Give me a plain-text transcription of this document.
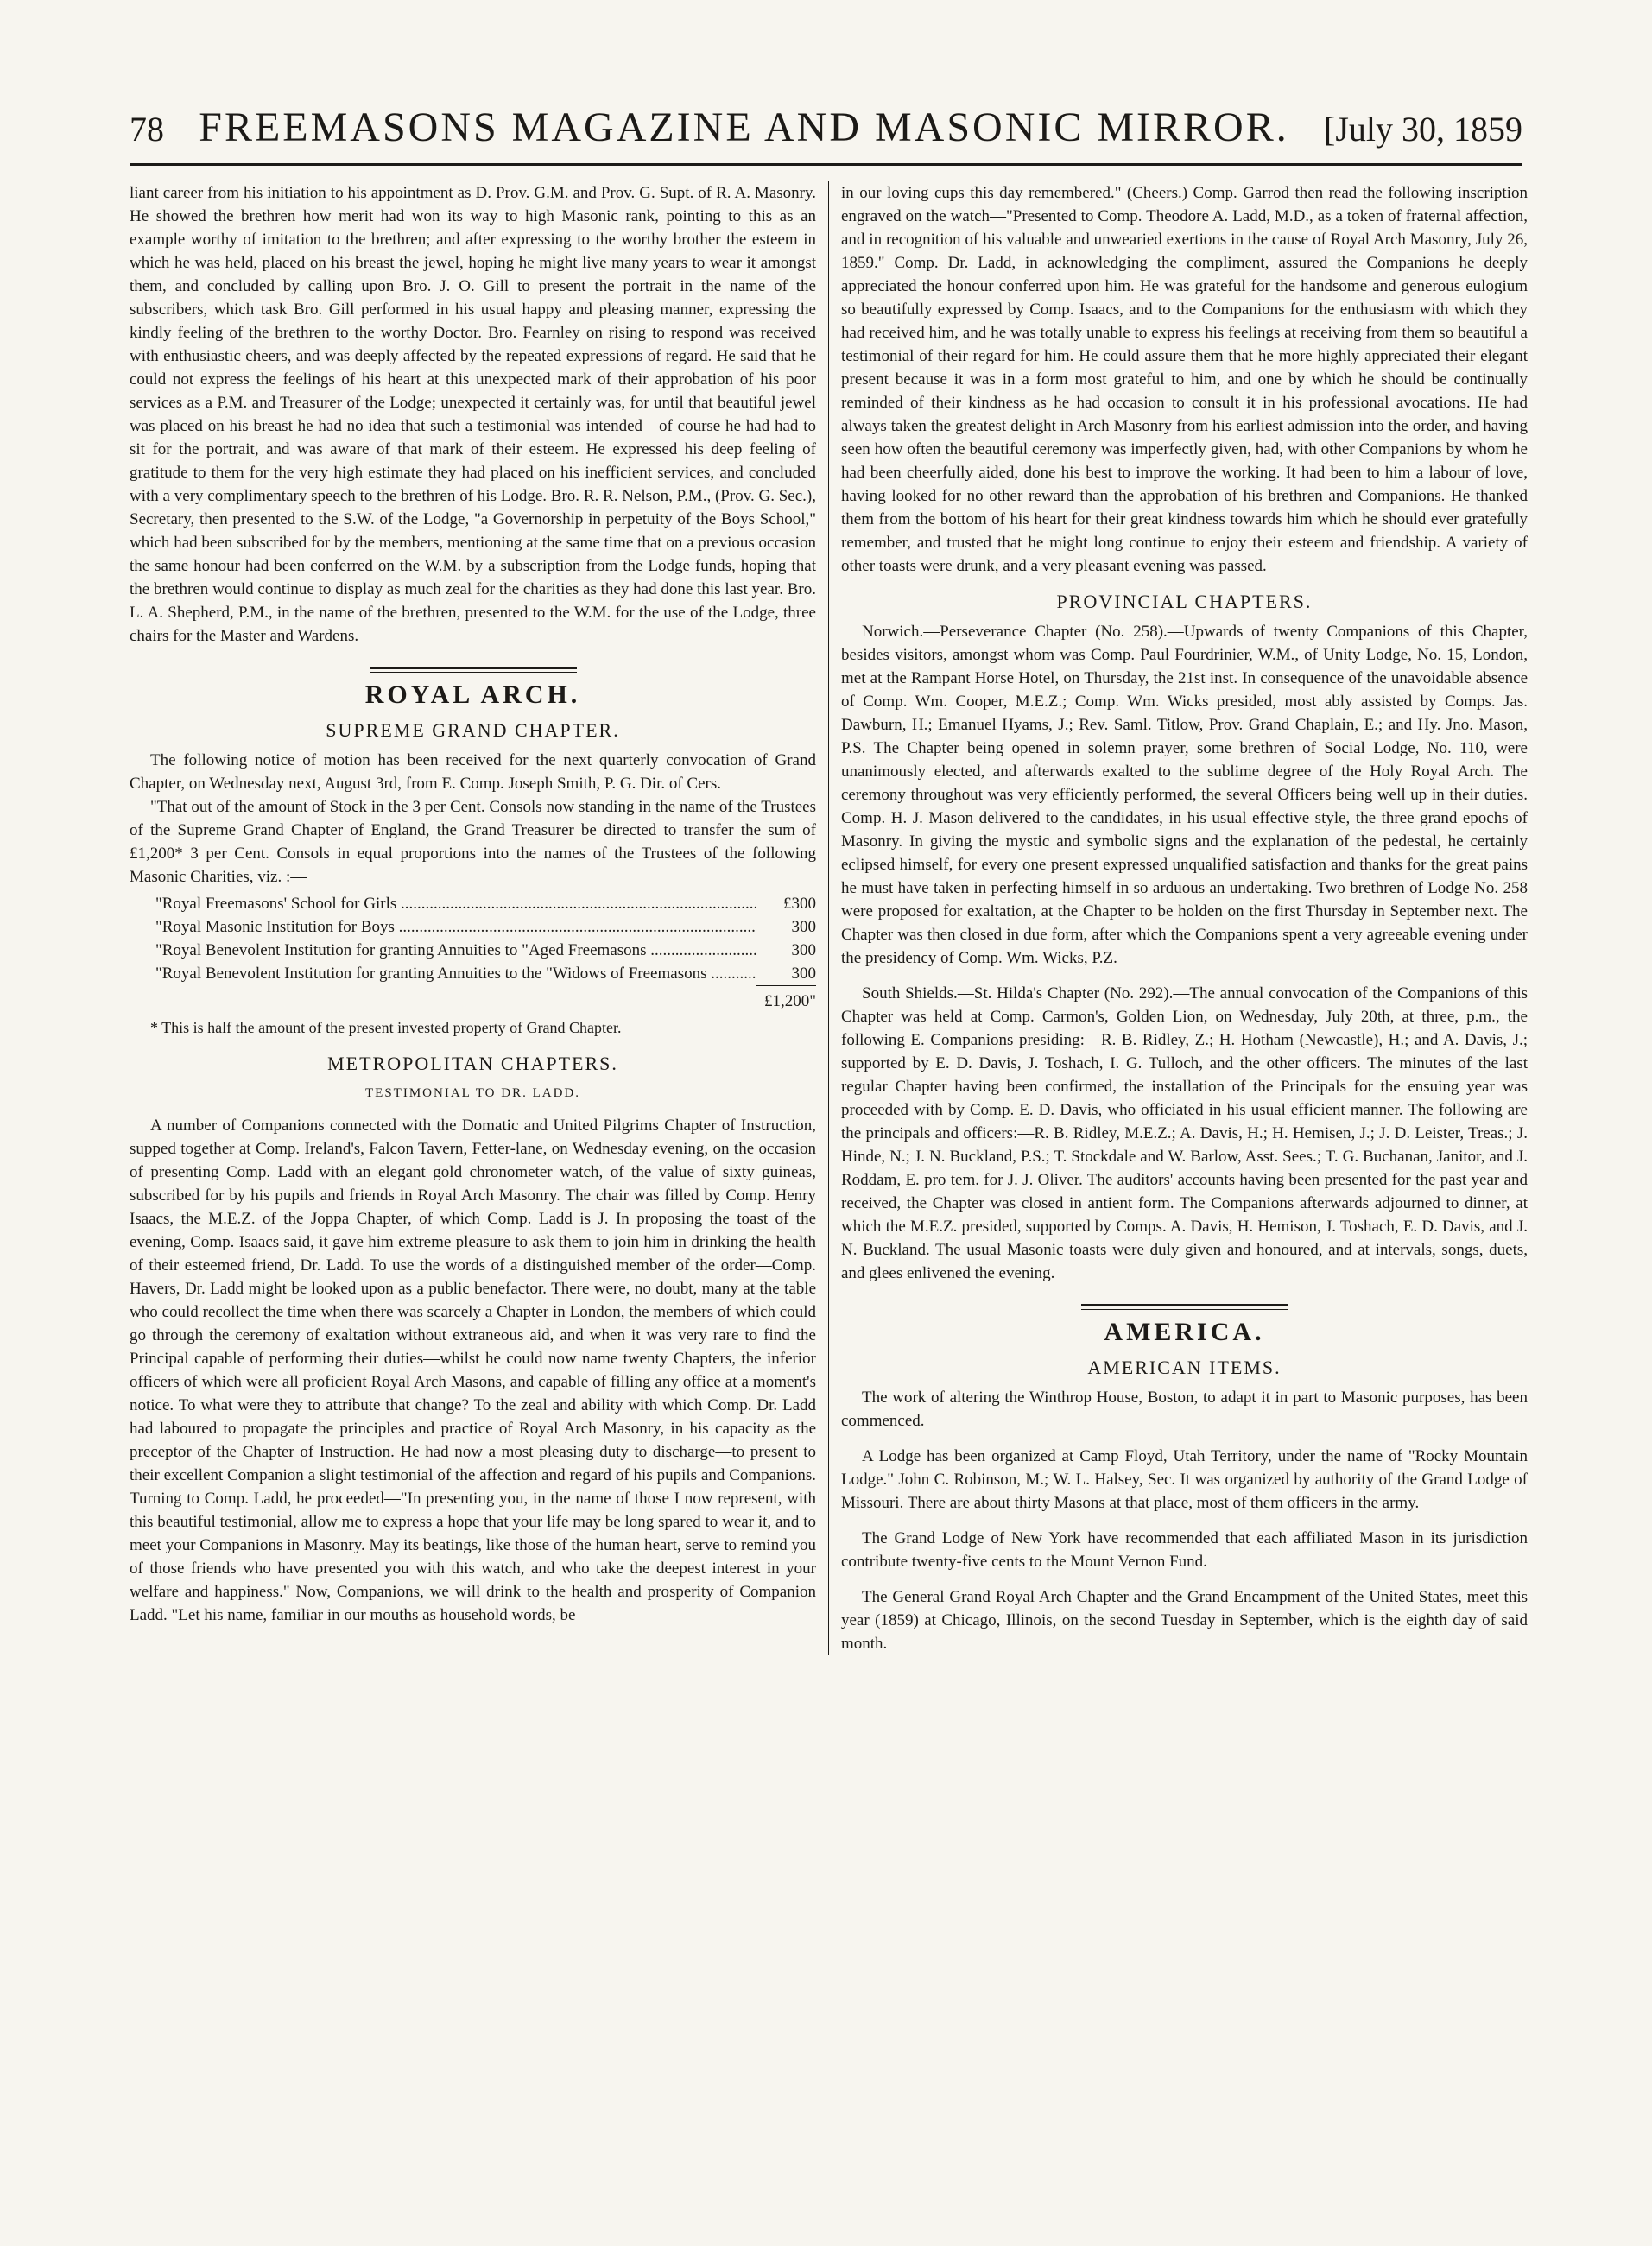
78 FREEMASONS MAGAZINE AND MASONIC MIRROR. [July 30, 1859

liant career from his initiation to his appointment as D. Prov. G.M. and Prov. G. Supt. of R. A. Masonry. He showed the brethren how merit had won its way to high Masonic rank, pointing to this as an example worthy of imitation to the brethren; and after expressing to the worthy brother the esteem in which he was held, placed on his breast the jewel, hoping he might live many years to wear it amongst them, and concluded by calling upon Bro. J. O. Gill to present the portrait in the name of the subscribers, which task Bro. Gill performed in his usual happy and pleasing manner, expressing the kindly feeling of the brethren to the worthy Doctor. Bro. Fearnley on rising to respond was received with enthusiastic cheers, and was deeply affected by the repeated expressions of regard. He said that he could not express the feelings of his heart at this unexpected mark of their approbation of his poor services as a P.M. and Treasurer of the Lodge; unexpected it certainly was, for until that beautiful jewel was placed on his breast he had no idea that such a testimonial was intended—of course he had had to sit for the portrait, and was aware of that mark of their esteem. He expressed his deep feeling of gratitude to them for the very high estimate they had placed on his inefficient services, and concluded with a very complimentary speech to the brethren of his Lodge. Bro. R. R. Nelson, P.M., (Prov. G. Sec.), Secretary, then presented to the S.W. of the Lodge, "a Governorship in perpetuity of the Boys School," which had been subscribed for by the members, mentioning at the same time that on a previous occasion the same honour had been conferred on the W.M. by a subscription from the Lodge funds, hoping that the brethren would continue to display as much zeal for the charities as they had done this last year. Bro. L. A. Shepherd, P.M., in the name of the brethren, presented to the W.M. for the use of the Lodge, three chairs for the Master and Wardens.

ROYAL ARCH.
SUPREME GRAND CHAPTER.

The following notice of motion has been received for the next quarterly convocation of Grand Chapter, on Wednesday next, August 3rd, from E. Comp. Joseph Smith, P. G. Dir. of Cers.

"That out of the amount of Stock in the 3 per Cent. Consols now standing in the name of the Trustees of the Supreme Grand Chapter of England, the Grand Treasurer be directed to transfer the sum of £1,200* 3 per Cent. Consols in equal proportions into the names of the Trustees of the following Masonic Charities, viz. :—

"Royal Freemasons' School for Girls .....	£300
"Royal Masonic Institution for Boys .....	300
"Royal Benevolent Institution for granting Annuities to "Aged Freemasons .....	300
"Royal Benevolent Institution for granting Annuities to the "Widows of Freemasons .....	300
£1,200"

* This is half the amount of the present invested property of Grand Chapter.

METROPOLITAN CHAPTERS.
TESTIMONIAL TO DR. LADD.

A number of Companions connected with the Domatic and United Pilgrims Chapter of Instruction, supped together at Comp. Ireland's, Falcon Tavern, Fetter-lane, on Wednesday evening, on the occasion of presenting Comp. Ladd with an elegant gold chronometer watch, of the value of sixty guineas, subscribed for by his pupils and friends in Royal Arch Masonry. The chair was filled by Comp. Henry Isaacs, the M.E.Z. of the Joppa Chapter, of which Comp. Ladd is J. In proposing the toast of the evening, Comp. Isaacs said, it gave him extreme pleasure to ask them to join him in drinking the health of their esteemed friend, Dr. Ladd. To use the words of a distinguished member of the order—Comp. Havers, Dr. Ladd might be looked upon as a public benefactor. There were, no doubt, many at the table who could recollect the time when there was scarcely a Chapter in London, the members of which could go through the ceremony of exaltation without extraneous aid, and when it was very rare to find the Principal capable of performing their duties—whilst he could now name twenty Chapters, the inferior officers of which were all proficient Royal Arch Masons, and capable of filling any office at a moment's notice. To what were they to attribute that change? To the zeal and ability with which Comp. Dr. Ladd had laboured to propagate the principles and practice of Royal Arch Masonry, in his capacity as the preceptor of the Chapter of Instruction. He had now a most pleasing duty to discharge—to present to their excellent Companion a slight testimonial of the affection and regard of his pupils and Companions. Turning to Comp. Ladd, he proceeded—"In presenting you, in the name of those I now represent, with this beautiful testimonial, allow me to express a hope that your life may be long spared to wear it, and to meet your Companions in Masonry. May its beatings, like those of the human heart, serve to remind you of those friends who have presented you with this watch, and who take the deepest interest in your welfare and happiness." Now, Companions, we will drink to the health and prosperity of Companion Ladd. "Let his name, familiar in our mouths as household words, be

in our loving cups this day remembered." (Cheers.) Comp. Garrod then read the following inscription engraved on the watch—"Presented to Comp. Theodore A. Ladd, M.D., as a token of fraternal affection, and in recognition of his valuable and unwearied exertions in the cause of Royal Arch Masonry, July 26, 1859." Comp. Dr. Ladd, in acknowledging the compliment, assured the Companions he deeply appreciated the honour conferred upon him. He was grateful for the handsome and generous eulogium so beautifully expressed by Comp. Isaacs, and to the Companions for the enthusiasm with which they had received him, and he was totally unable to express his feelings at receiving from them so beautiful a testimonial of their regard for him. He could assure them that he more highly appreciated their elegant present because it was in a form most grateful to him, and one by which he should be continually reminded of their kindness as he had occasion to consult it in his professional avocations. He had always taken the greatest delight in Arch Masonry from his earliest admission into the order, and having seen how often the beautiful ceremony was imperfectly given, had, with other Companions by whom he had been cheerfully aided, done his best to improve the working. It had been to him a labour of love, having looked for no other reward than the approbation of his brethren and Companions. He thanked them from the bottom of his heart for their great kindness towards him which he should ever gratefully remember, and trusted that he might long continue to enjoy their esteem and friendship. A variety of other toasts were drunk, and a very pleasant evening was passed.

PROVINCIAL CHAPTERS.

Norwich.—Perseverance Chapter (No. 258).—Upwards of twenty Companions of this Chapter, besides visitors, amongst whom was Comp. Paul Fourdrinier, W.M., of Unity Lodge, No. 15, London, met at the Rampant Horse Hotel, on Thursday, the 21st inst. In consequence of the unavoidable absence of Comp. Wm. Cooper, M.E.Z.; Comp. Wm. Wicks presided, most ably assisted by Comps. Jas. Dawburn, H.; Emanuel Hyams, J.; Rev. Saml. Titlow, Prov. Grand Chaplain, E.; and Hy. Jno. Mason, P.S. The Chapter being opened in solemn prayer, some brethren of Social Lodge, No. 110, were unanimously elected, and afterwards exalted to the sublime degree of the Holy Royal Arch. The ceremony throughout was very efficiently performed, the several Officers being well up in their duties. Comp. H. J. Mason delivered to the candidates, in his usual effective style, the three grand epochs of Masonry. In giving the mystic and symbolic signs and the explanation of the pedestal, he certainly eclipsed himself, for every one present expressed unqualified satisfaction and thanks for the great pains he must have taken in perfecting himself in so arduous an undertaking. Two brethren of Lodge No. 258 were proposed for exaltation, at the Chapter to be holden on the first Thursday in September next. The Chapter was then closed in due form, after which the Companions spent a very agreeable evening under the presidency of Comp. Wm. Wicks, P.Z.

South Shields.—St. Hilda's Chapter (No. 292).—The annual convocation of the Companions of this Chapter was held at Comp. Carmon's, Golden Lion, on Wednesday, July 20th, at three, p.m., the following E. Companions presiding:—R. B. Ridley, Z.; H. Hotham (Newcastle), H.; and A. Davis, J.; supported by E. D. Davis, J. Toshach, I. G. Tulloch, and the other officers. The minutes of the last regular Chapter having been confirmed, the installation of the Principals for the ensuing year was proceeded with by Comp. E. D. Davis, who officiated in his usual efficient manner. The following are the principals and officers:—R. B. Ridley, M.E.Z.; A. Davis, H.; H. Hemisen, J.; J. D. Leister, Treas.; J. Hinde, N.; J. N. Buckland, P.S.; T. Stockdale and W. Barlow, Asst. Sees.; T. G. Buchanan, Janitor, and J. Roddam, E. pro tem. for J. J. Oliver. The auditors' accounts having been presented for the past year and received, the Chapter was closed in antient form. The Companions afterwards adjourned to dinner, at which the M.E.Z. presided, supported by Comps. A. Davis, H. Hemison, J. Toshach, E. D. Davis, and J. N. Buckland. The usual Masonic toasts were duly given and honoured, and at intervals, songs, duets, and glees enlivened the evening.

AMERICA.
AMERICAN ITEMS.

The work of altering the Winthrop House, Boston, to adapt it in part to Masonic purposes, has been commenced.

A Lodge has been organized at Camp Floyd, Utah Territory, under the name of "Rocky Mountain Lodge." John C. Robinson, M.; W. L. Halsey, Sec. It was organized by authority of the Grand Lodge of Missouri. There are about thirty Masons at that place, most of them officers in the army.

The Grand Lodge of New York have recommended that each affiliated Mason in its jurisdiction contribute twenty-five cents to the Mount Vernon Fund.

The General Grand Royal Arch Chapter and the Grand Encampment of the United States, meet this year (1859) at Chicago, Illinois, on the second Tuesday in September, which is the eighth day of said month.
